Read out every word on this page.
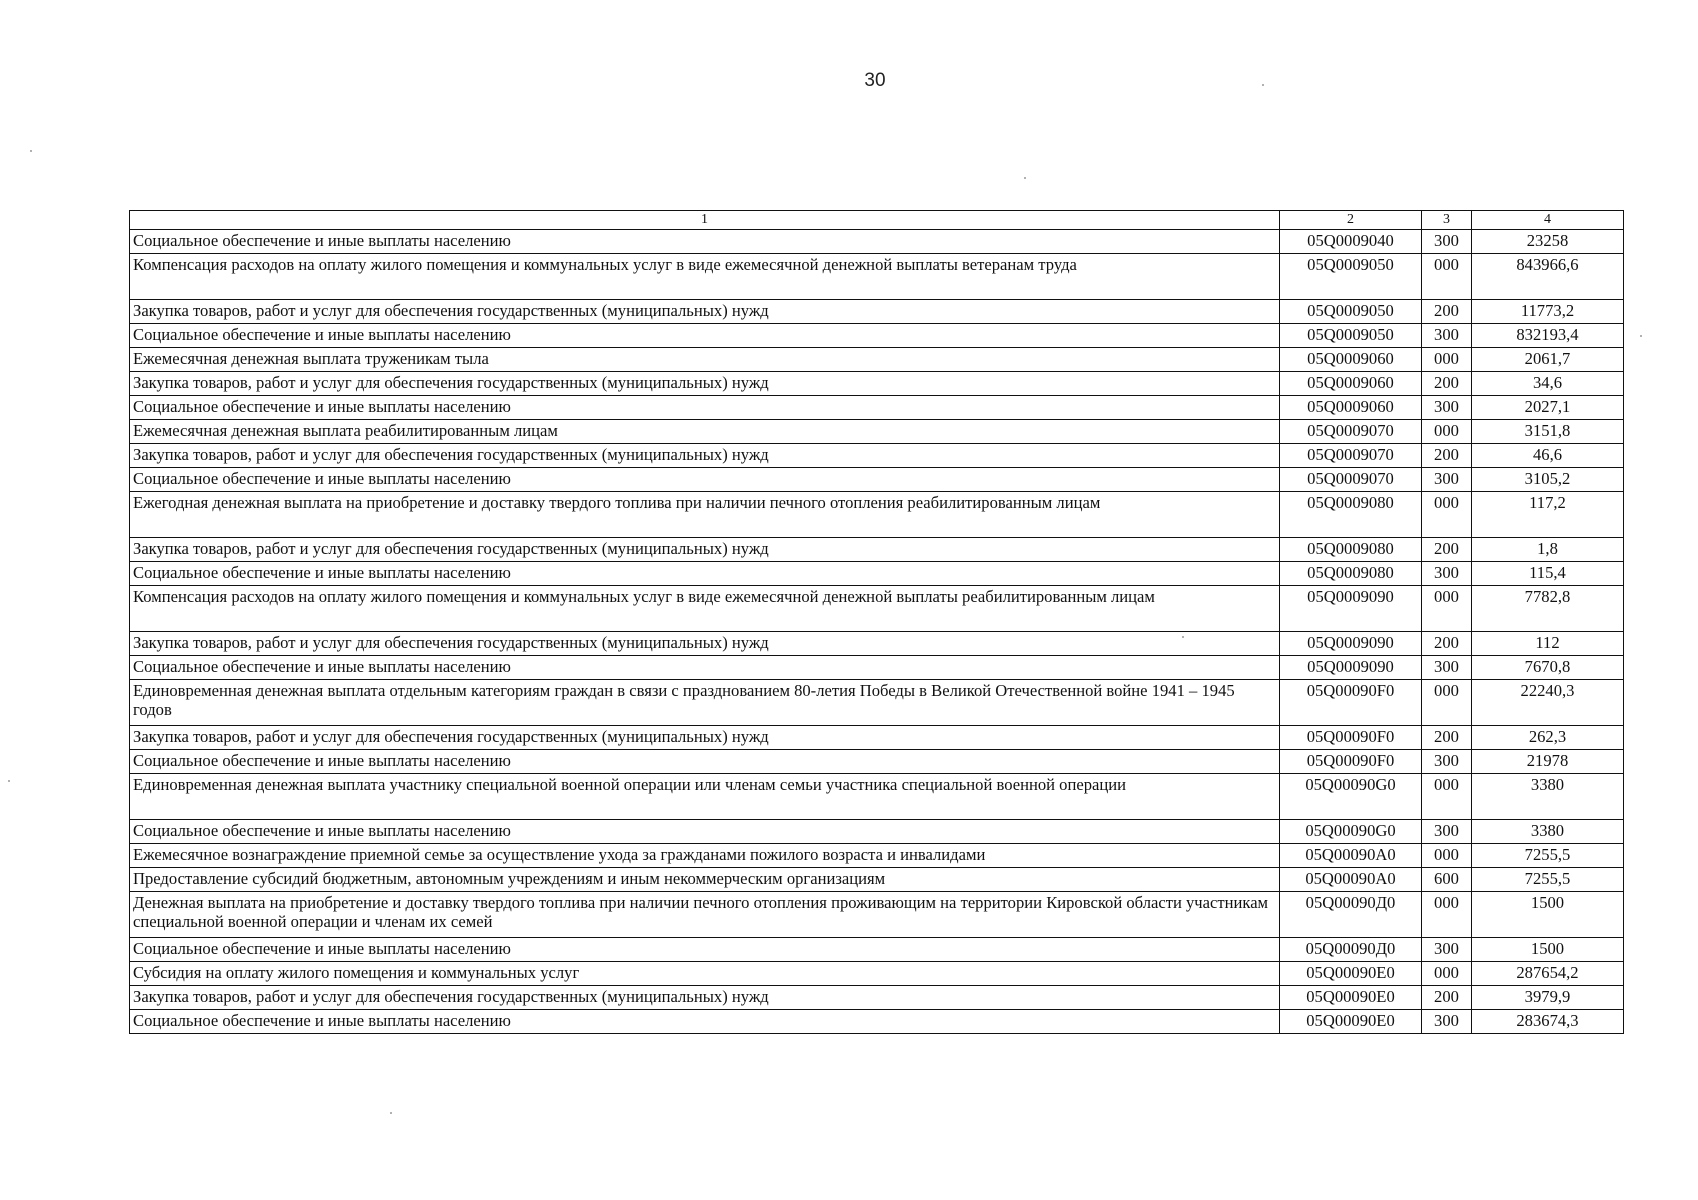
30
1	2	3	4
Социальное обеспечение и иные выплаты населению	05Q0009040	300	23258
Компенсация расходов на оплату жилого помещения и коммунальных услуг в виде ежемесячной денежной выплаты ветеранам труда	05Q0009050	000	843966,6
Закупка товаров, работ и услуг для обеспечения государственных (муниципальных) нужд	05Q0009050	200	11773,2
Социальное обеспечение и иные выплаты населению	05Q0009050	300	832193,4
Ежемесячная денежная выплата труженикам тыла	05Q0009060	000	2061,7
Закупка товаров, работ и услуг для обеспечения государственных (муниципальных) нужд	05Q0009060	200	34,6
Социальное обеспечение и иные выплаты населению	05Q0009060	300	2027,1
Ежемесячная денежная выплата реабилитированным лицам	05Q0009070	000	3151,8
Закупка товаров, работ и услуг для обеспечения государственных (муниципальных) нужд	05Q0009070	200	46,6
Социальное обеспечение и иные выплаты населению	05Q0009070	300	3105,2
Ежегодная денежная выплата на приобретение и доставку твердого топлива при наличии печного отопления реабилитированным лицам	05Q0009080	000	117,2
Закупка товаров, работ и услуг для обеспечения государственных (муниципальных) нужд	05Q0009080	200	1,8
Социальное обеспечение и иные выплаты населению	05Q0009080	300	115,4
Компенсация расходов на оплату жилого помещения и коммунальных услуг в виде ежемесячной денежной выплаты реабилитированным лицам	05Q0009090	000	7782,8
Закупка товаров, работ и услуг для обеспечения государственных (муниципальных) нужд	05Q0009090	200	112
Социальное обеспечение и иные выплаты населению	05Q0009090	300	7670,8
Единовременная денежная выплата отдельным категориям граждан в связи с празднованием 80-летия Победы в Великой Отечественной войне 1941 – 1945 годов	05Q00090F0	000	22240,3
Закупка товаров, работ и услуг для обеспечения государственных (муниципальных) нужд	05Q00090F0	200	262,3
Социальное обеспечение и иные выплаты населению	05Q00090F0	300	21978
Единовременная денежная выплата участнику специальной военной операции или членам семьи участника специальной военной операции	05Q00090G0	000	3380
Социальное обеспечение и иные выплаты населению	05Q00090G0	300	3380
Ежемесячное вознаграждение приемной семье за осуществление ухода за гражданами пожилого возраста и инвалидами	05Q00090A0	000	7255,5
Предоставление субсидий бюджетным, автономным учреждениям и иным некоммерческим организациям	05Q00090A0	600	7255,5
Денежная выплата на приобретение и доставку твердого топлива при наличии печного отопления проживающим на территории Кировской области участникам специальной военной операции и членам их семей	05Q00090Д0	000	1500
Социальное обеспечение и иные выплаты населению	05Q00090Д0	300	1500
Субсидия на оплату жилого помещения и коммунальных услуг	05Q00090E0	000	287654,2
Закупка товаров, работ и услуг для обеспечения государственных (муниципальных) нужд	05Q00090E0	200	3979,9
Социальное обеспечение и иные выплаты населению	05Q00090E0	300	283674,3
